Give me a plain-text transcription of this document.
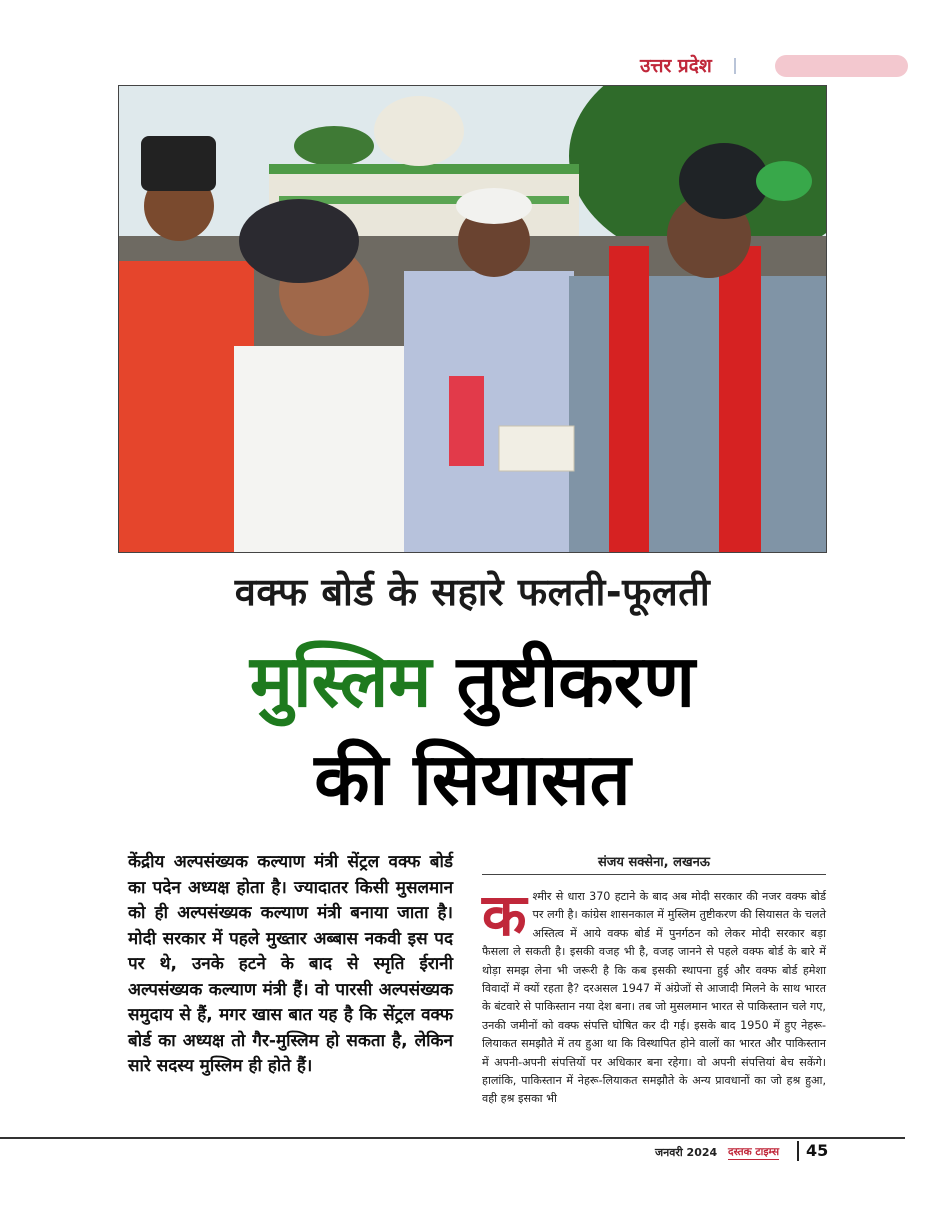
उत्तर प्रदेश
वक्फ बोर्ड के सहारे फलती-फूलती
मुस्लिम तुष्टीकरण
की सियासत
केंद्रीय अल्पसंख्यक कल्याण मंत्री सेंट्रल वक्फ बोर्ड का पदेन अध्यक्ष होता है। ज्यादातर किसी मुसलमान को ही अल्पसंख्यक कल्याण मंत्री बनाया जाता है। मोदी सरकार में पहले मुख्तार अब्बास नकवी इस पद पर थे, उनके हटने के बाद से स्मृति ईरानी अल्पसंख्यक कल्याण मंत्री हैं। वो पारसी अल्पसंख्यक समुदाय से हैं, मगर खास बात यह है कि सेंट्रल वक्फ बोर्ड का अध्यक्ष तो गैर-मुस्लिम हो सकता है, लेकिन सारे सदस्य मुस्लिम ही होते हैं।
संजय सक्सेना, लखनऊ
कश्मीर से धारा 370 हटाने के बाद अब मोदी सरकार की नजर वक्फ बोर्ड पर लगी है। कांग्रेस शासनकाल में मुस्लिम तुष्टीकरण की सियासत के चलते अस्तित्व में आये वक्फ बोर्ड में पुनर्गठन को लेकर मोदी सरकार बड़ा फैसला ले सकती है। इसकी वजह भी है, वजह जानने से पहले वक्फ बोर्ड के बारे में थोड़ा समझ लेना भी जरूरी है कि कब इसकी स्थापना हुई और वक्फ बोर्ड हमेशा विवादों में क्यों रहता है? दरअसल 1947 में अंग्रेजों से आजादी मिलने के साथ भारत के बंटवारे से पाकिस्तान नया देश बना। तब जो मुसलमान भारत से पाकिस्तान चले गए, उनकी जमीनों को वक्फ संपत्ति घोषित कर दी गई। इसके बाद 1950 में हुए नेहरू-लियाकत समझौते में तय हुआ था कि विस्थापित होने वालों का भारत और पाकिस्तान में अपनी-अपनी संपत्तियों पर अधिकार बना रहेगा। वो अपनी संपत्तियां बेच सकेंगे। हालांकि, पाकिस्तान में नेहरू-लियाकत समझौते के अन्य प्रावधानों का जो हश्र हुआ, वही हश्र इसका भी
जनवरी 2024 दस्तक टाइम्स 45
